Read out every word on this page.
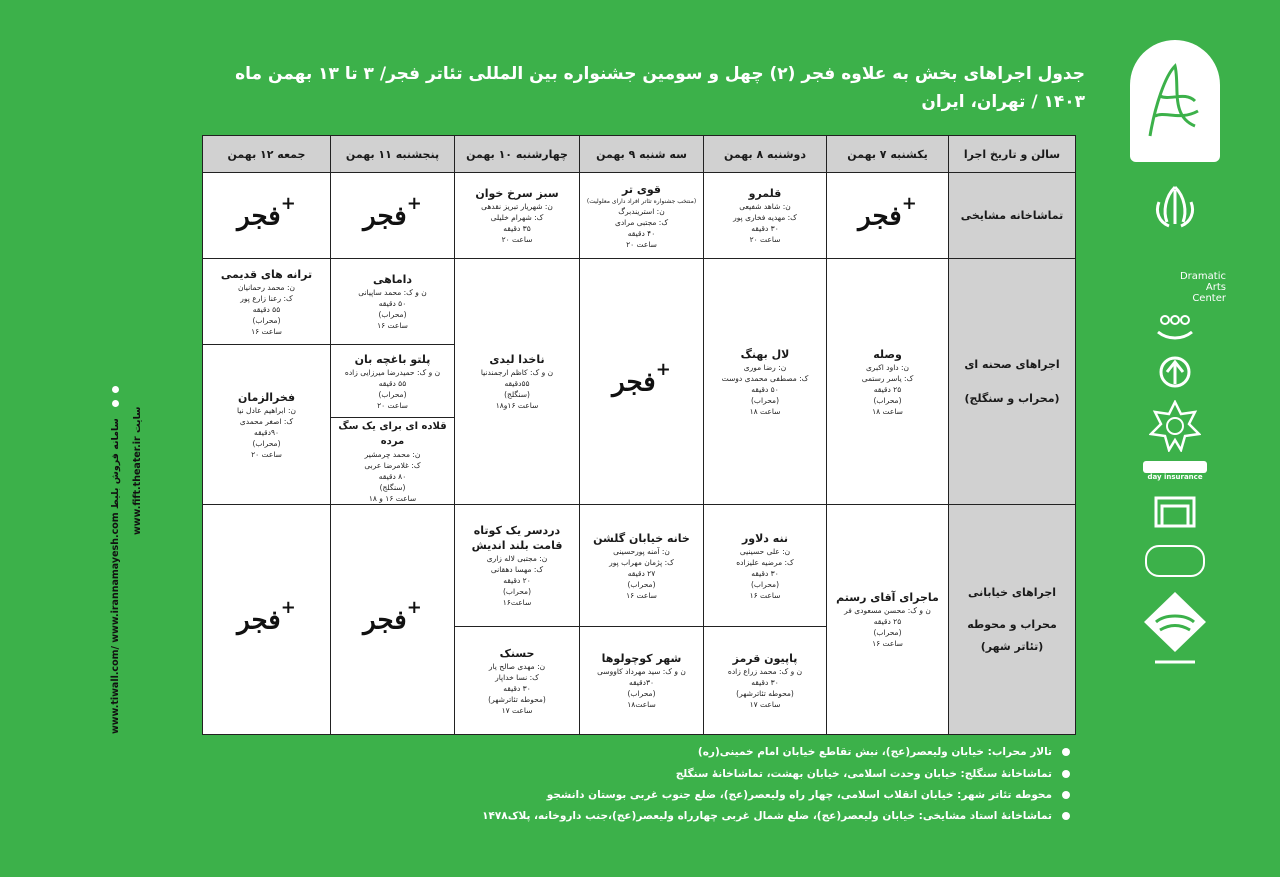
جدول اجراهای بخش به علاوه فجر (۲) چهل و سومین جشنواره بین المللی تئاتر فجر/ ۳ تا ۱۳ بهمن ماه ۱۴۰۳ / تهران، ایران
Dramatic
Arts
Center
day insurance
سامانه فروش بلیط www.tiwall.com/ www.irannamayesh.com سایت www.fift.theater.ir
سالن و تاریخ اجرا
یکشنبه ۷ بهمن
دوشنبه ۸ بهمن
سه شنبه ۹ بهمن
چهارشنبه ۱۰ بهمن
پنجشنبه ۱۱ بهمن
جمعه ۱۲ بهمن
تماشاخانه مشایخی
+فجر
قلمرو
ن: شاهد شفیعی
ک: مهدیه فخاری پور
۳۰ دقیقه
ساعت ۲۰
قوی تر
(منتخب جشنواره تئاتر افراد دارای معلولیت)
ن: استریندبرگ
ک: مجتبی مرادی
۴۰ دقیقه
ساعت ۲۰
سبز سرخ خوان
ن: شهریار تبریز نقدهی
ک: شهرام خلیلی
۳۵ دقیقه
ساعت ۲۰
+فجر
+فجر
اجراهای صحنه ای
(محراب و سنگلج)
وصله
ن: داود اکبری
ک: یاسر رستمی
۲۵ دقیقه
(محراب)
ساعت ۱۸
لال بهنگ
ن: رضا موری
ک: مصطفی محمدی دوست
۵۰ دقیقه
(محراب)
ساعت ۱۸
+فجر
ناخدا لیدی
ن و ک: کاظم ارجمندنیا
۵۵دقیقه
(سنگلج)
ساعت ۱۶و۱۸
داماهی
ن و ک: محمد ساپیانی
۵۰ دقیقه
(محراب)
ساعت ۱۶
پلتو باغچه بان
ن و ک: حمیدرضا میرزایی زاده
۵۵ دقیقه
(محراب)
ساعت ۲۰
قلاده ای برای یک سگ مرده
ن: محمد چرمشیر
ک: غلامرضا عربی
۸۰ دقیقه
(سنگلج)
ساعت ۱۶ و ۱۸
ترانه های قدیمی
ن: محمد رحمانیان
ک: رعنا زارع پور
۵۵ دقیقه
(محراب)
ساعت ۱۶
فخرالزمان
ن: ابراهیم عادل نیا
ک: اصغر محمدی
۹۰دقیقه
(محراب)
ساعت ۲۰
اجراهای خیابانی
محراب و محوطه
(تئاتر شهر)
ماجرای آقای رستم
ن و ک: محسن مسعودی فر
۲۵ دقیقه
(محراب)
ساعت ۱۶
ننه دلاور
ن: علی حسینیی
ک: مرضیه علیزاده
۳۰ دقیقه
(محراب)
ساعت ۱۶
پاپیون قرمز
ن و ک: محمد زراع زاده
۳۰ دقیقه
(محوطه تئاترشهر)
ساعت ۱۷
خانه خیابان گلشن
ن: آمنه پورحسینی
ک: پژمان مهراب پور
۲۷ دقیقه
(محراب)
ساعت ۱۶
شهر کوچولوها
ن و ک: سید مهرداد کاووسی
۳۰دقیقه
(محراب)
ساعت۱۸
دردسر یک کوتاه قامت بلند اندیش
ن: مجتبی لاله زاری
ک: مهسا دهقانی
۲۰ دقیقه
(محراب)
ساعت۱۶
حسنک
ن: مهدی صالح یار
ک: نسا خداپار
۳۰ دقیقه
(محوطه تئاترشهر)
ساعت ۱۷
+فجر
+فجر
تالار محراب: خیابان ولیعصر(عج)، نبش تقاطع خیابان امام خمینی(ره)
تماشاخانهٔ سنگلج: خیابان وحدت اسلامی، خیابان بهشت، تماشاخانهٔ سنگلج
محوطه تئاتر شهر: خیابان انقلاب اسلامی، چهار راه ولیعصر(عج)، ضلع جنوب غربی بوستان دانشجو
تماشاخانهٔ استاد مشایخی: خیابان ولیعصر(عج)، ضلع شمال غربی چهارراه ولیعصر(عج)،جنب داروخانه، پلاک۱۴۷۸
